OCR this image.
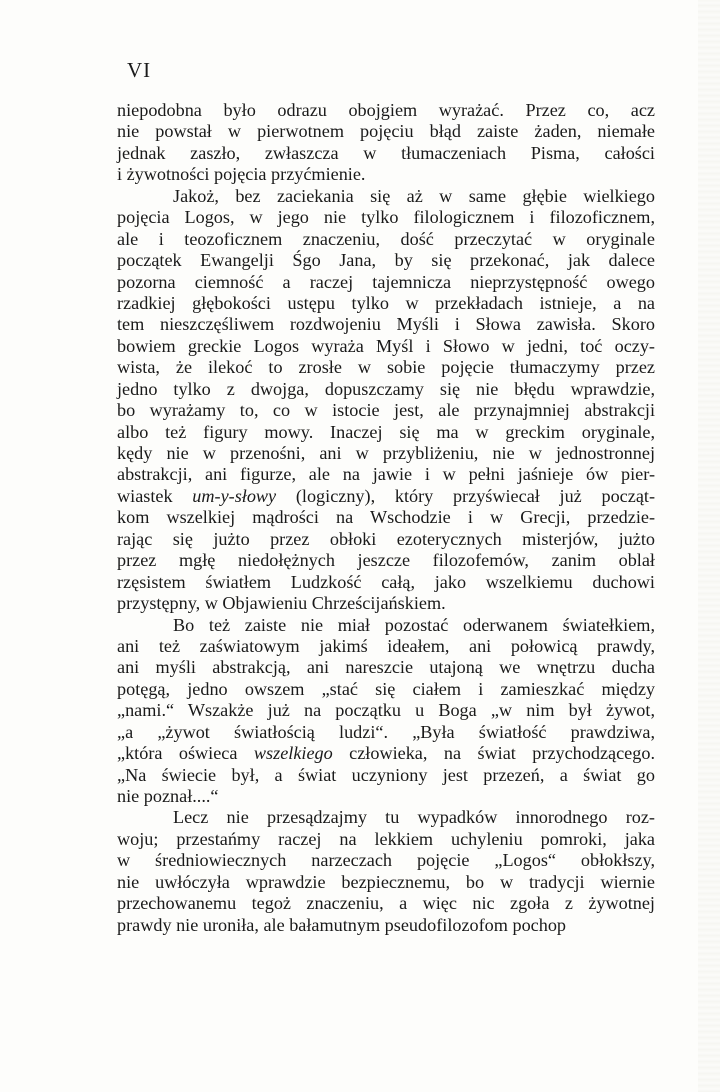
VI
niepodobna było odrazu obojgiem wyrażać. Przez co, acz
nie powstał w pierwotnem pojęciu błąd zaiste żaden, niemałe
jednak zaszło, zwłaszcza w tłumaczeniach Pisma, całości
i żywotności pojęcia przyćmienie.
Jakoż, bez zaciekania się aż w same głębie wielkiego
pojęcia Logos, w jego nie tylko filologicznem i filozoficznem,
ale i teozoficznem znaczeniu, dość przeczytać w oryginale
początek Ewangelji Śgo Jana, by się przekonać, jak dalece
pozorna ciemność a raczej tajemnicza nieprzystępność owego
rzadkiej głębokości ustępu tylko w przekładach istnieje, a na
tem nieszczęśliwem rozdwojeniu Myśli i Słowa zawisła. Skoro
bowiem greckie Logos wyraża Myśl i Słowo w jedni, toć oczy-
wista, że ilekoć to zrosłe w sobie pojęcie tłumaczymy przez
jedno tylko z dwojga, dopuszczamy się nie błędu wprawdzie,
bo wyrażamy to, co w istocie jest, ale przynajmniej abstrakcji
albo też figury mowy. Inaczej się ma w greckim oryginale,
kędy nie w przenośni, ani w przybliżeniu, nie w jednostronnej
abstrakcji, ani figurze, ale na jawie i w pełni jaśnieje ów pier-
wiastek um-y-słowy (logiczny), który przyświecał już począt-
kom wszelkiej mądrości na Wschodzie i w Grecji, przedzie-
rając się jużto przez obłoki ezoterycznych misterjów, jużto
przez mgłę niedołężnych jeszcze filozofemów, zanim oblał
rzęsistem światłem Ludzkość całą, jako wszelkiemu duchowi
przystępny, w Objawieniu Chrześcijańskiem.
Bo też zaiste nie miał pozostać oderwanem światełkiem,
ani też zaświatowym jakimś ideałem, ani połowicą prawdy,
ani myśli abstrakcją, ani nareszcie utajoną we wnętrzu ducha
potęgą, jedno owszem „stać się ciałem i zamieszkać między
„nami.“ Wszakże już na początku u Boga „w nim był żywot,
„a „żywot światłością ludzi“. „Była światłość prawdziwa,
„która oświeca wszelkiego człowieka, na świat przychodzącego.
„Na świecie był, a świat uczyniony jest przezeń, a świat go
nie poznał....“
Lecz nie przesądzajmy tu wypadków innorodnego roz-
woju; przestańmy raczej na lekkiem uchyleniu pomroki, jaka
w średniowiecznych narzeczach pojęcie „Logos“ obłokłszy,
nie uwłóczyła wprawdzie bezpiecznemu, bo w tradycji wiernie
przechowanemu tegoż znaczeniu, a więc nic zgoła z żywotnej
prawdy nie uroniła, ale bałamutnym pseudofilozofom pochop
